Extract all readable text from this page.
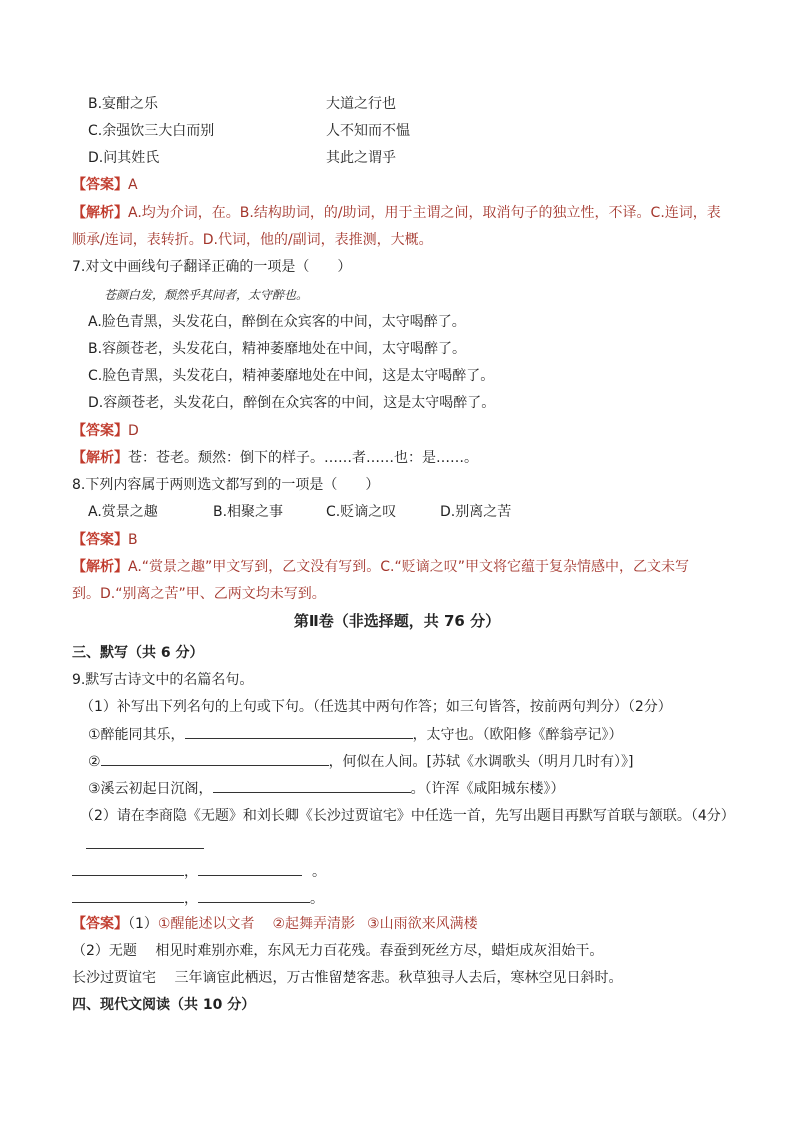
B.宴酣之乐	大道之行也
C.余强饮三大白而别	人不知而不愠
D.问其姓氏	其此之谓乎
【答案】A
【解析】A.均为介词，在。B.结构助词，的/助词，用于主谓之间，取消句子的独立性，不译。C.连词，表
顺承/连词，表转折。D.代词，他的/副词，表推测，大概。
7.对文中画线句子翻译正确的一项是（　　）
苍颜白发，颓然乎其间者，太守醉也。
A.脸色青黑，头发花白，醉倒在众宾客的中间，太守喝醉了。
B.容颜苍老，头发花白，精神萎靡地处在中间，太守喝醉了。
C.脸色青黑，头发花白，精神萎靡地处在中间，这是太守喝醉了。
D.容颜苍老，头发花白，醉倒在众宾客的中间，这是太守喝醉了。
【答案】D
【解析】苍：苍老。颓然：倒下的样子。……者……也：是……。
8.下列内容属于两则选文都写到的一项是（　　）
A.赏景之趣	B.相聚之事	C.贬谪之叹	D.别离之苦
【答案】B
【解析】A.“赏景之趣”甲文写到，乙文没有写到。C.“贬谪之叹”甲文将它蕴于复杂情感中，乙文未写
到。D.“别离之苦”甲、乙两文均未写到。
第Ⅱ卷（非选择题，共 76 分）
三、默写（共 6 分）
9.默写古诗文中的名篇名句。
（1）补写出下列名句的上句或下句。（任选其中两句作答；如三句皆答，按前两句判分）（2分）
①醉能同其乐，	，太守也。（欧阳修《醉翁亭记》）
②	，何似在人间。[苏轼《水调歌头（明月几时有）》]
③溪云初起日沉阁，	。（许浑《咸阳城东楼》）
（2）请在李商隐《无题》和刘长卿《长沙过贾谊宅》中任选一首，先写出题目再默写首联与颔联。（4分）
，	。
，	。
【答案】（1）①醒能述以文者 ②起舞弄清影 ③山雨欲来风满楼
（2）无题　 相见时难别亦难，东风无力百花残。春蚕到死丝方尽，蜡炬成灰泪始干。
长沙过贾谊宅　 三年谪宦此栖迟，万古惟留楚客悲。秋草独寻人去后，寒林空见日斜时。
四、现代文阅读（共 10 分）
